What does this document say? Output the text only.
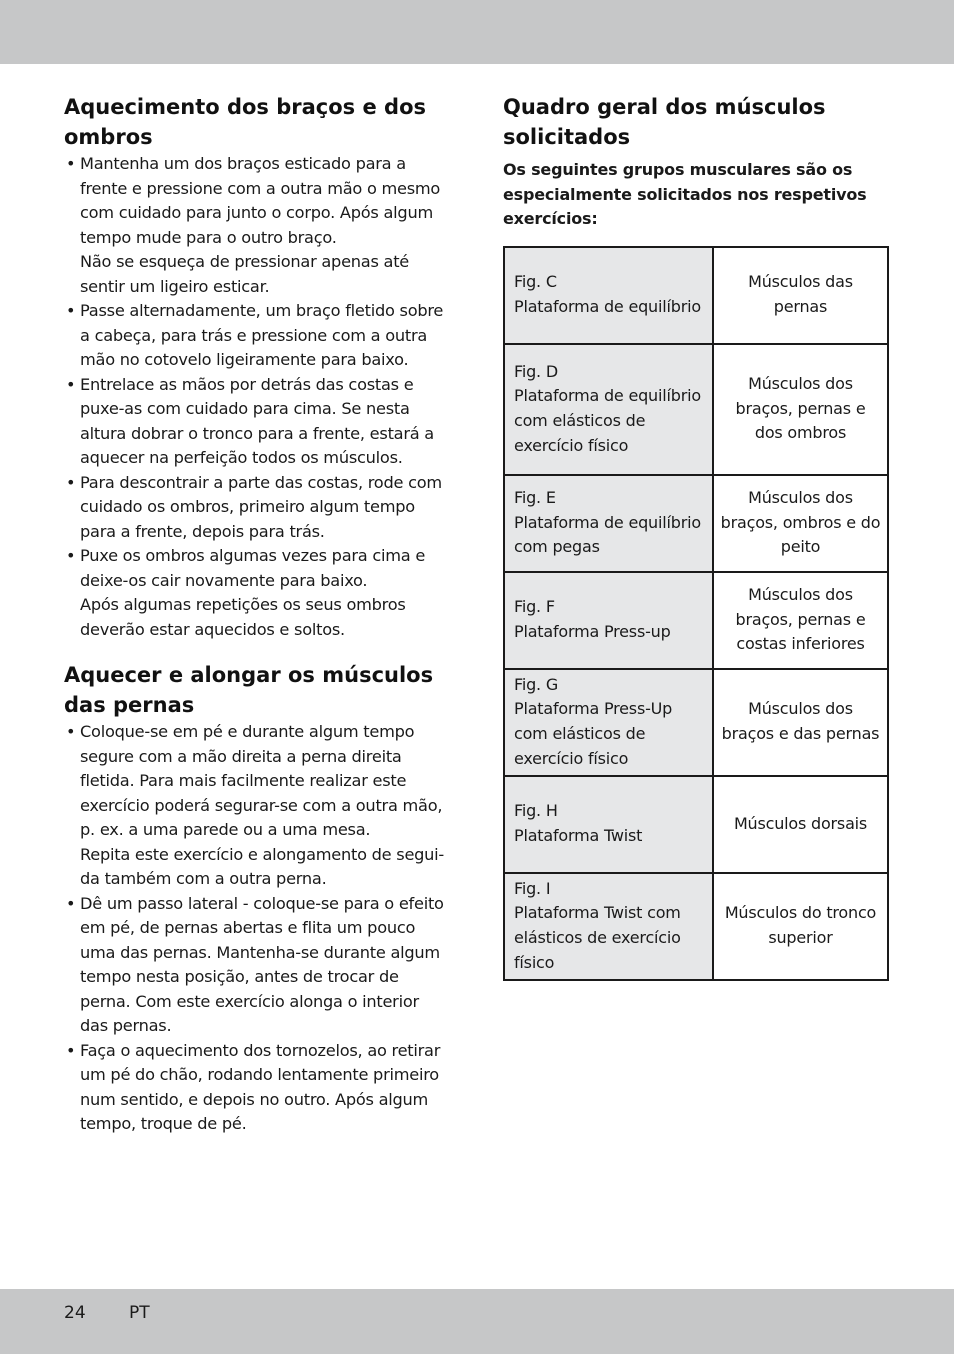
Aquecimento dos braços e dos ombros
• Mantenha um dos braços esticado para a frente e pressione com a outra mão o mesmo com cuidado para junto o corpo. Após algum tempo mude para o outro braço.
Não se esqueça de pressionar apenas até sentir um ligeiro esticar.
• Passe alternadamente, um braço fletido sobre a cabeça, para trás e pressione com a outra mão no cotovelo ligeiramente para baixo.
• Entrelace as mãos por detrás das costas e puxe-as com cuidado para cima. Se nesta altura dobrar o tronco para a frente, estará a aquecer na perfeição todos os músculos.
• Para descontrair a parte das costas, rode com cuidado os ombros, primeiro algum tempo para a frente, depois para trás.
• Puxe os ombros algumas vezes para cima e deixe-os cair novamente para baixo.
Após algumas repetições os seus ombros deverão estar aquecidos e soltos.
Aquecer e alongar os músculos das pernas
• Coloque-se em pé e durante algum tempo segure com a mão direita a perna direita fletida. Para mais facilmente realizar este exercício poderá segurar-se com a outra mão, p. ex. a uma parede ou a uma mesa.
Repita este exercício e alongamento de segui-da também com a outra perna.
• Dê um passo lateral - coloque-se para o efeito em pé, de pernas abertas e flita um pouco uma das pernas. Mantenha-se durante algum tempo nesta posição, antes de trocar de perna. Com este exercício alonga o interior das pernas.
• Faça o aquecimento dos tornozelos, ao retirar um pé do chão, rodando lentamente primeiro num sentido, e depois no outro. Após algum tempo, troque de pé.
Quadro geral dos músculos solicitados

Os seguintes grupos musculares são os especialmente solicitados nos respetivos exercícios:

Fig. C
Plataforma de equilíbrio	Músculos das pernas

Fig. D
Plataforma de equilíbrio com elásticos de exercício físico	Músculos dos braços, pernas e dos ombros

Fig. E
Plataforma de equilíbrio com pegas	Músculos dos braços, ombros e do peito

Fig. F
Plataforma Press-up	Músculos dos braços, pernas e costas inferiores

Fig. G
Plataforma Press-Up com elásticos de exercício físico	Músculos dos braços e das pernas

Fig. H
Plataforma Twist	Músculos dorsais

Fig. I
Plataforma Twist com elásticos de exercício físico	Músculos do tronco superior
24	PT
